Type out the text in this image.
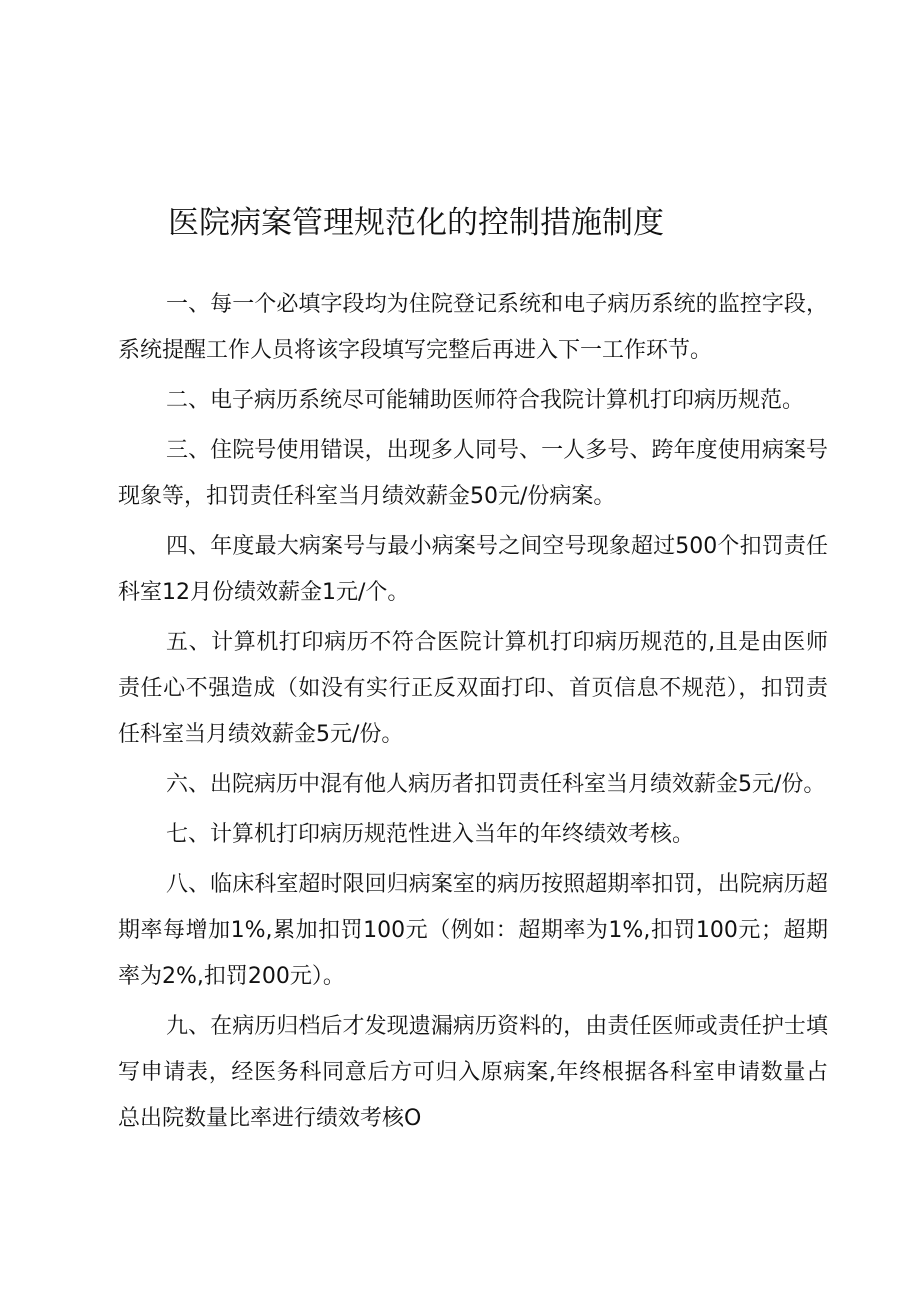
医院病案管理规范化的控制措施制度

一、每一个必填字段均为住院登记系统和电子病历系统的监控字段，系统提醒工作人员将该字段填写完整后再进入下一工作环节。

二、电子病历系统尽可能辅助医师符合我院计算机打印病历规范。

三、住院号使用错误，出现多人同号、一人多号、跨年度使用病案号现象等，扣罚责任科室当月绩效薪金50元/份病案。

四、年度最大病案号与最小病案号之间空号现象超过500个扣罚责任科室12月份绩效薪金1元/个。

五、计算机打印病历不符合医院计算机打印病历规范的,且是由医师责任心不强造成（如没有实行正反双面打印、首页信息不规范），扣罚责任科室当月绩效薪金5元/份。

六、出院病历中混有他人病历者扣罚责任科室当月绩效薪金5元/份。

七、计算机打印病历规范性进入当年的年终绩效考核。

八、临床科室超时限回归病案室的病历按照超期率扣罚，出院病历超期率每增加1%,累加扣罚100元（例如：超期率为1%,扣罚100元；超期率为2%,扣罚200元）。

九、在病历归档后才发现遗漏病历资料的，由责任医师或责任护士填写申请表，经医务科同意后方可归入原病案,年终根据各科室申请数量占总出院数量比率进行绩效考核O
